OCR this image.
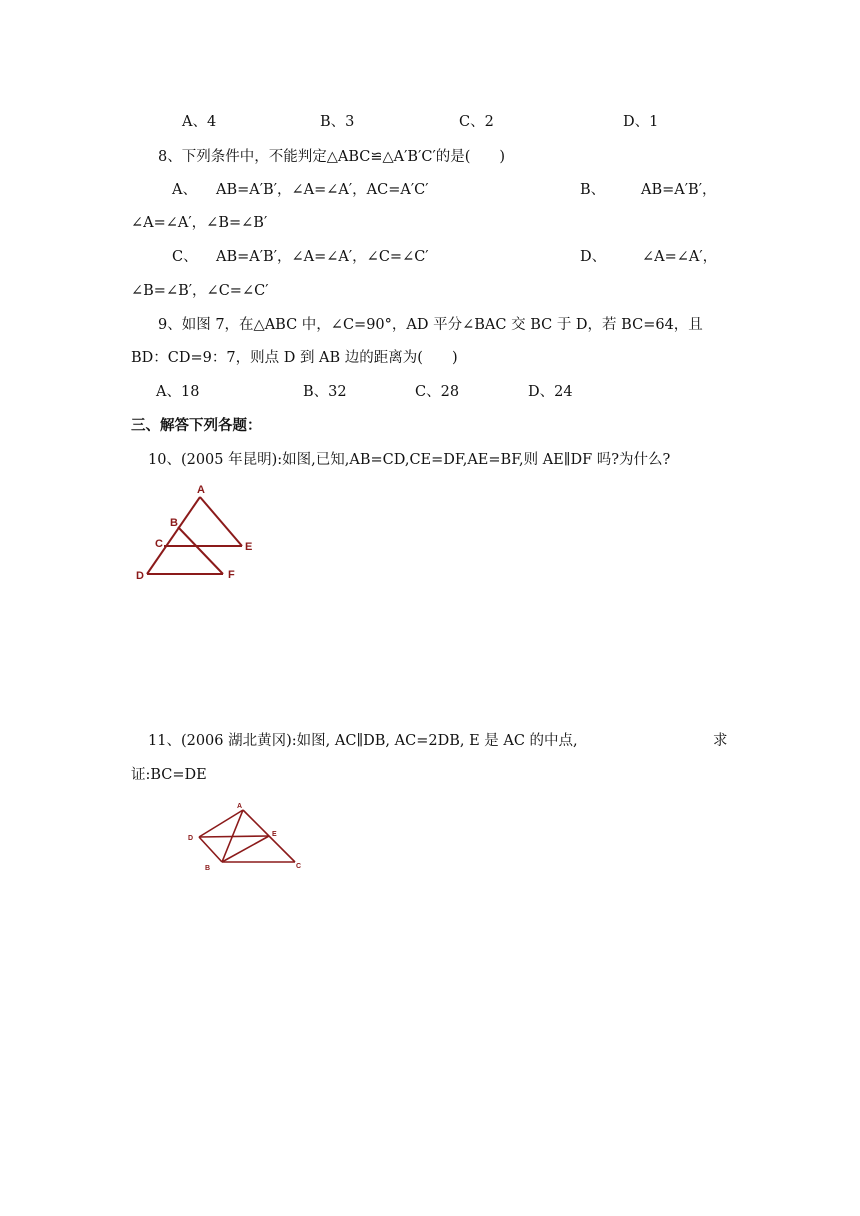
A、4	B、3	C、2	D、1
8、下列条件中，不能判定△ABC≌△A′B′C′的是(　　)
A、 AB=A′B′，∠A=∠A′，AC=A′C′	B、 AB=A′B′，
∠A=∠A′，∠B=∠B′
C、 AB=A′B′，∠A=∠A′，∠C=∠C′	D、 ∠A=∠A′，
∠B=∠B′，∠C=∠C′
9、如图 7，在△ABC 中，∠C=90°，AD 平分∠BAC 交 BC 于 D，若 BC=64，且
BD：CD=9：7，则点 D 到 AB 边的距离为(　　)
A、18	B、32	C、28	D、24
三、解答下列各题：
10、(2005 年昆明):如图,已知,AB=CD,CE=DF,AE=BF,则 AE∥DF 吗?为什么?
A
B
C	E
D	F
11、(2006 湖北黄冈):如图, AC∥DB, AC=2DB, E 是 AC 的中点,	求
证:BC=DE
A
D
E
B	C
